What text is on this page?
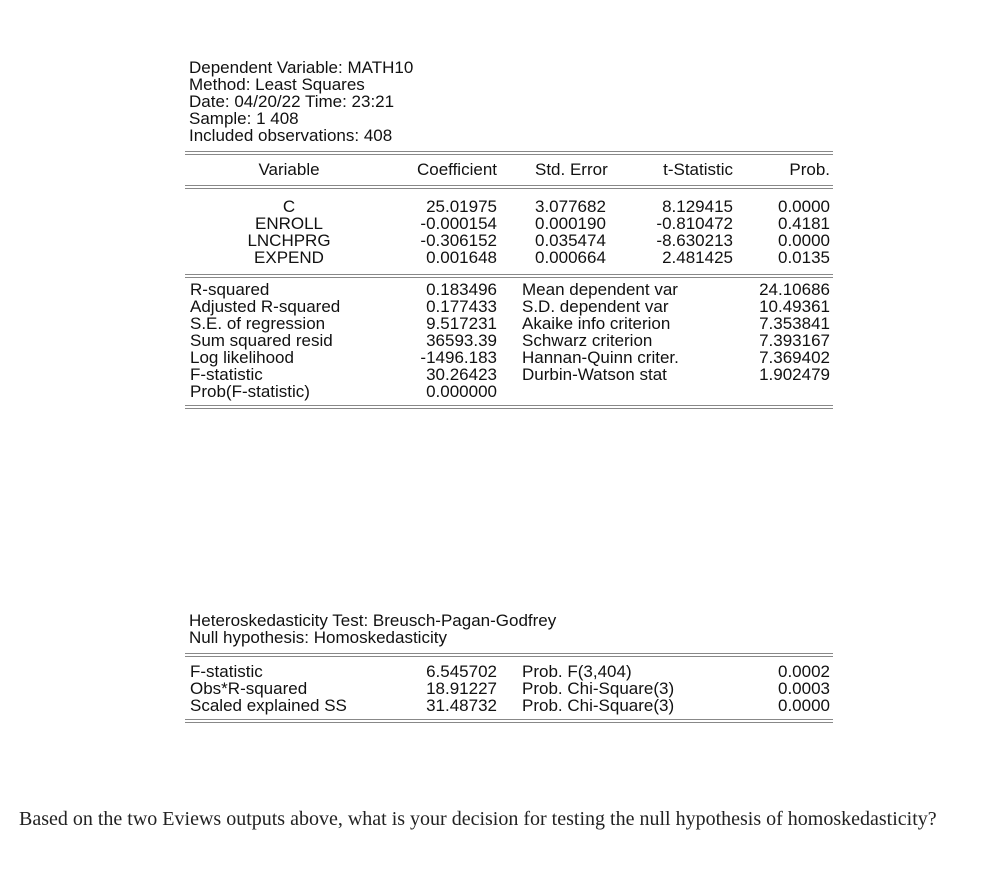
Dependent Variable: MATH10
Method: Least Squares
Date: 04/20/22 Time: 23:21
Sample: 1 408
Included observations: 408
Variable	Coefficient Std. Error	t-Statistic	Prob.
C	25.01975 3.077682	8.129415	0.0000
ENROLL	-0.000154 0.000190	-0.810472	0.4181
LNCHPRG	-0.306152 0.035474	-8.630213	0.0000
EXPEND	0.001648 0.000664	2.481425	0.0135
R-squared	0.183496 Mean dependent var	24.10686
Adjusted R-squared	0.177433 S.D. dependent var	10.49361
S.E. of regression	9.517231 Akaike info criterion	7.353841
Sum squared resid	36593.39 Schwarz criterion	7.393167
Log likelihood	-1496.183 Hannan-Quinn criter.	7.369402
F-statistic	30.26423 Durbin-Watson stat	1.902479
Prob(F-statistic)	0.000000
Heteroskedasticity Test: Breusch-Pagan-Godfrey
Null hypothesis: Homoskedasticity
F-statistic	6.545702 Prob. F(3,404)	0.0002
Obs*R-squared	18.91227 Prob. Chi-Square(3)	0.0003
Scaled explained SS	31.48732 Prob. Chi-Square(3)	0.0000
Based on the two Eviews outputs above, what is your decision for testing the null hypothesis of homoskedasticity?
